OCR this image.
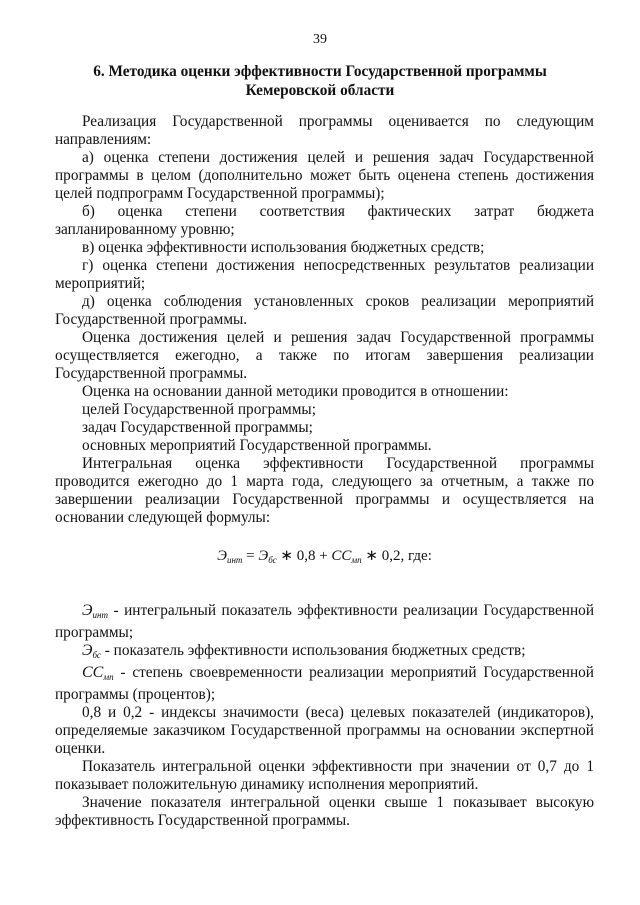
39
6. Методика оценки эффективности Государственной программы
Кемеровской области

Реализация Государственной программы оценивается по следующим направлениям:

а) оценка степени достижения целей и решения задач Государственной программы в целом (дополнительно может быть оценена степень достижения целей подпрограмм Государственной программы);

б) оценка степени соответствия фактических затрат бюджета запланированному уровню;

в) оценка эффективности использования бюджетных средств;

г) оценка степени достижения непосредственных результатов реализации мероприятий;

д) оценка соблюдения установленных сроков реализации мероприятий Государственной программы.

Оценка достижения целей и решения задач Государственной программы осуществляется ежегодно, а также по итогам завершения реализации Государственной программы.

Оценка на основании данной методики проводится в отношении:

целей Государственной программы;

задач Государственной программы;

основных мероприятий Государственной программы.

Интегральная оценка эффективности Государственной программы проводится ежегодно до 1 марта года, следующего за отчетным, а также по завершении реализации Государственной программы и осуществляется на основании следующей формулы:

$Э_{инт} = Э_{бс}$ ∗ $0,8 + СС_{мп}$ ∗ 0,2, где:

$Э_{инт}$ - интегральный показатель эффективности реализации Государственной программы;

$Э_{бс}$ - показатель эффективности использования бюджетных средств;

$СС_{мп}$ - степень своевременности реализации мероприятий Государственной программы (процентов);

0,8 и 0,2 - индексы значимости (веса) целевых показателей (индикаторов), определяемые заказчиком Государственной программы на основании экспертной оценки.

Показатель интегральной оценки эффективности при значении от 0,7 до 1 показывает положительную динамику исполнения мероприятий.

Значение показателя интегральной оценки свыше 1 показывает высокую эффективность Государственной программы.
